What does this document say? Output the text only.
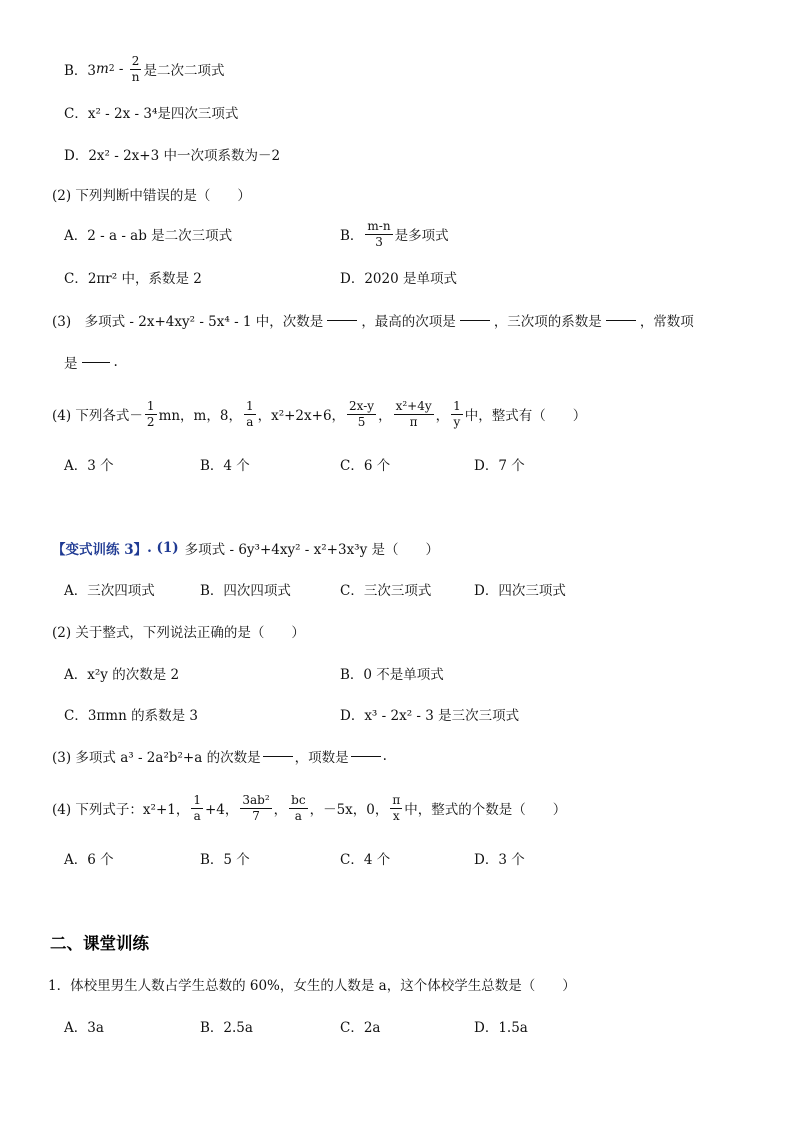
B．3 m $2 - \frac{2}{n}$ 是二次二项式
C． x² - 2x - 3⁴是四次三项式
D． 2x² - 2x+3 中一次项系数为－2
(2) 下列判断中错误的是（　　）
A．2 - a - ab 是二次三项式	B． $\frac{m-n}{3}$ 是多项式
C．2πr² 中，系数是 2	D．2020 是单项式
(3)　多项式 - 2x+4xy² - 5x⁴ - 1 中，次数是	，最高的次项是	，三次项的系数是	，常数项
是	.
(4) 下列各式－ $\frac{1}{2}$ mn，m，8， $\frac{1}{a}$ ，x²+2x+6， $\frac{2x-y}{5}$ ， $\frac{\text{x²+4y}}{\pi}$ ， $\frac{1}{y}$ 中，整式有（　　）
A．3 个	B．4 个	C．6 个	D．7 个
【变式训练 3】 . (1) 多项式 - 6y³+4xy² - x²+3x³y 是（　　）
A．三次四项式	B．四次四项式	C．三次三项式	D．四次三项式
(2) 关于整式，下列说法正确的是（　　）
A．x²y 的次数是 2	B．0 不是单项式
C．3πmn 的系数是 3	D．x³ - 2x² - 3 是三次三项式
(3) 多项式 a³ - 2a²b²+a 的次数是	，项数是	.
(4) 下列式子：x²+1， $\frac{1}{a} +4$， $\frac{\text{3ab²}}{7}$ ， $\frac{bc}{a}$ ，－5x，0， $\frac{\pi}{x}$ 中，整式的个数是（　　）
A．6 个	B．5 个	C．4 个	D．3 个
二、课堂训练
1．体校里男生人数占学生总数的 60%，女生的人数是 a，这个体校学生总数是（　　）
A．3a	B．2.5a	C．2a	D．1.5a
